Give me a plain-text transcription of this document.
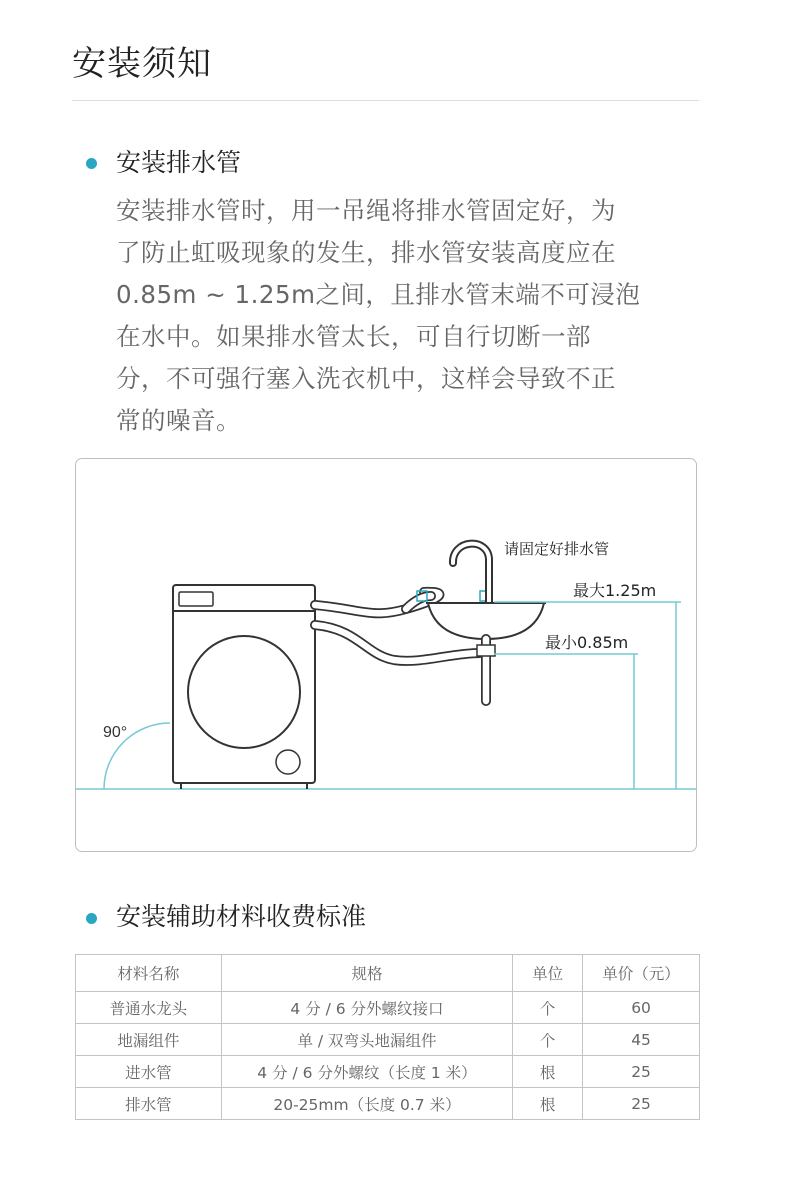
安装须知
安装排水管
安装排水管时，用一吊绳将排水管固定好，为
了防止虹吸现象的发生，排水管安装高度应在
0.85m ~ 1.25m之间，且排水管末端不可浸泡
在水中。如果排水管太长，可自行切断一部
分，不可强行塞入洗衣机中，这样会导致不正
常的噪音。
90°
请固定好排水管
最大1.25m
最小0.85m
安装辅助材料收费标准
材料名称	规格	单位	单价（元）
普通水龙头	4 分 / 6 分外螺纹接口	个	60
地漏组件	单 / 双弯头地漏组件	个	45
进水管	4 分 / 6 分外螺纹（长度 1 米）	根	25
排水管	20-25mm（长度 0.7 米）	根	25
